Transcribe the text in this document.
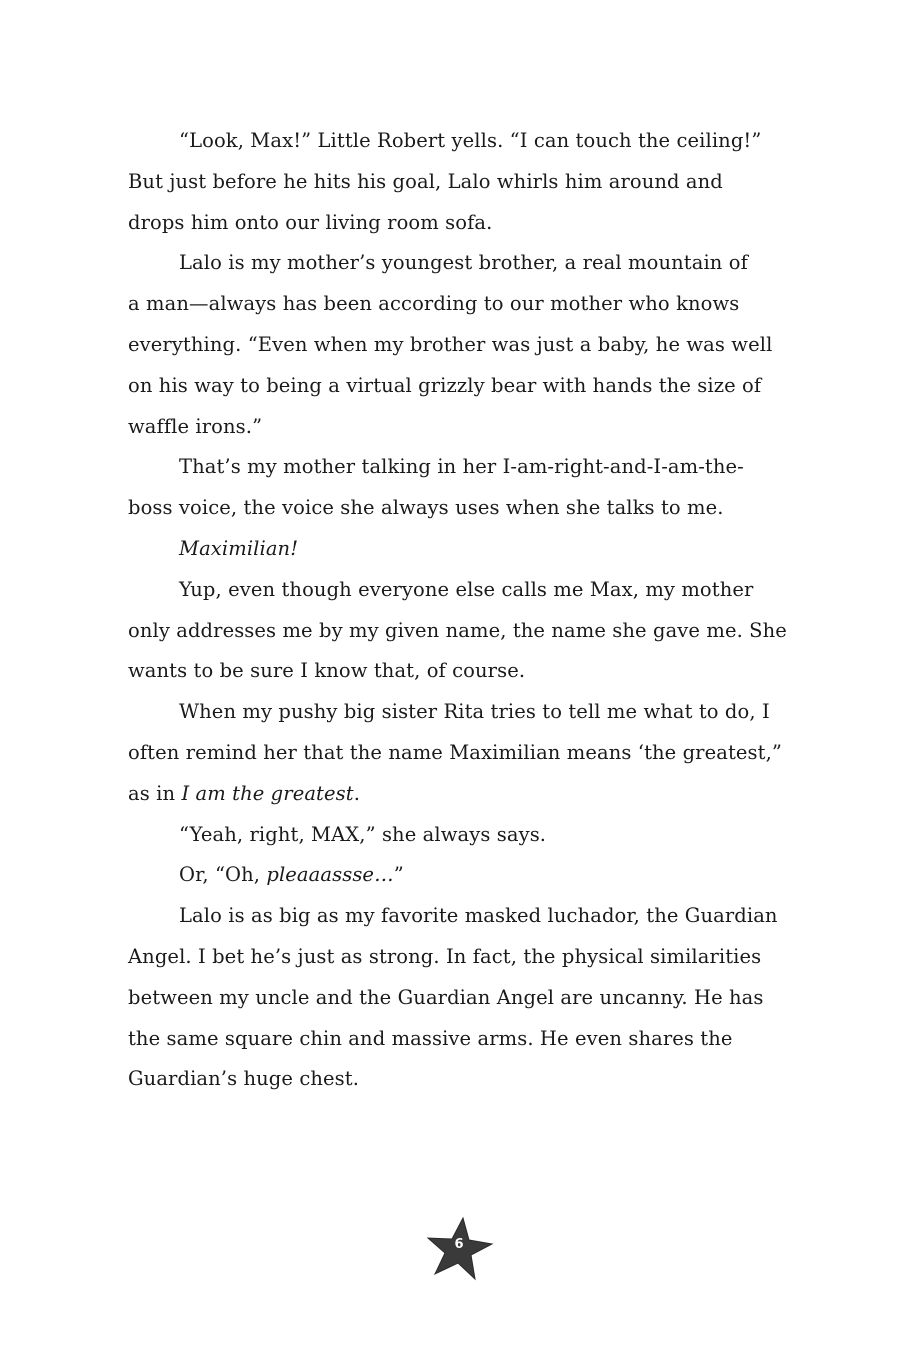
“Look, Max!” Little Robert yells. “I can touch the ceiling!”
But just before he hits his goal, Lalo whirls him around and
drops him onto our living room sofa.
Lalo is my mother’s youngest brother, a real mountain of
a man—always has been according to our mother who knows
everything. “Even when my brother was just a baby, he was well
on his way to being a virtual grizzly bear with hands the size of
waffle irons.”
That’s my mother talking in her I-am-right-and-I-am-the-
boss voice, the voice she always uses when she talks to me.
Maximilian!
Yup, even though everyone else calls me Max, my mother
only addresses me by my given name, the name she gave me. She
wants to be sure I know that, of course.
When my pushy big sister Rita tries to tell me what to do, I
often remind her that the name Maximilian means ‘the greatest,”
as in I am the greatest.
“Yeah, right, MAX,” she always says.
Or, “Oh, pleaaassse…”
Lalo is as big as my favorite masked luchador, the Guardian
Angel. I bet he’s just as strong. In fact, the physical similarities
between my uncle and the Guardian Angel are uncanny. He has
the same square chin and massive arms. He even shares the
Guardian’s huge chest.
6
